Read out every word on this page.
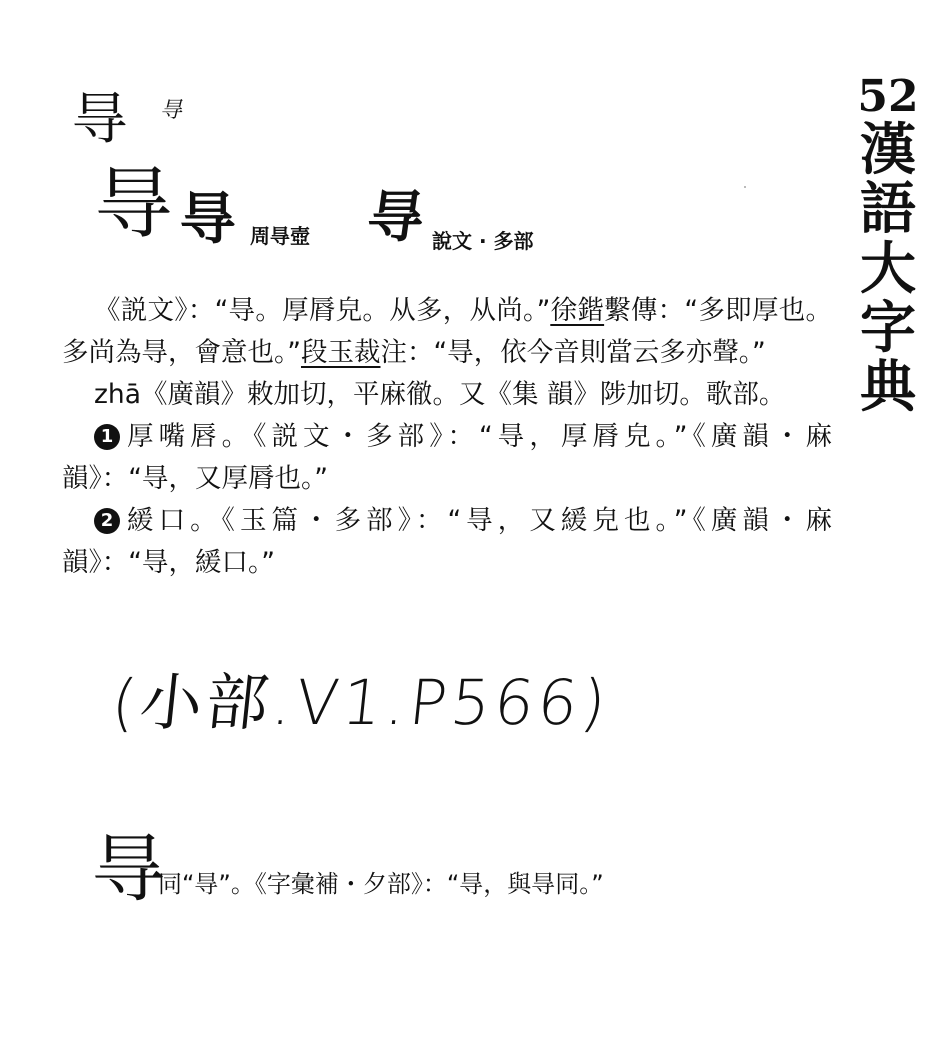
㝵 㝵
㝵 㝵 周㝵壺 㝵 說文 · 多部
52
漢
語
大
字
典

《説文》：“㝵。厚脣皃。从多，从尚。”徐鍇繫傳：“多即厚也。多尚為㝵，會意也。”段玉裁注：“㝵，依今音則當云多亦聲。”

zhā《廣韻》敕加切，平麻徹。又《集 韻》陟加切。歌部。

1 厚嘴唇。《説文・多部》：“㝵，厚脣皃。”《廣韻・麻韻》：“㝵，又厚脣也。”

2 緩口。《玉篇・多部》：“㝵，又緩皃也。”《廣韻・麻韻》：“㝵，緩口。”

(小部.V1.P566)
㝵
同“㝵”。《字彙補・夕部》：“㝵，與㝵同。”
